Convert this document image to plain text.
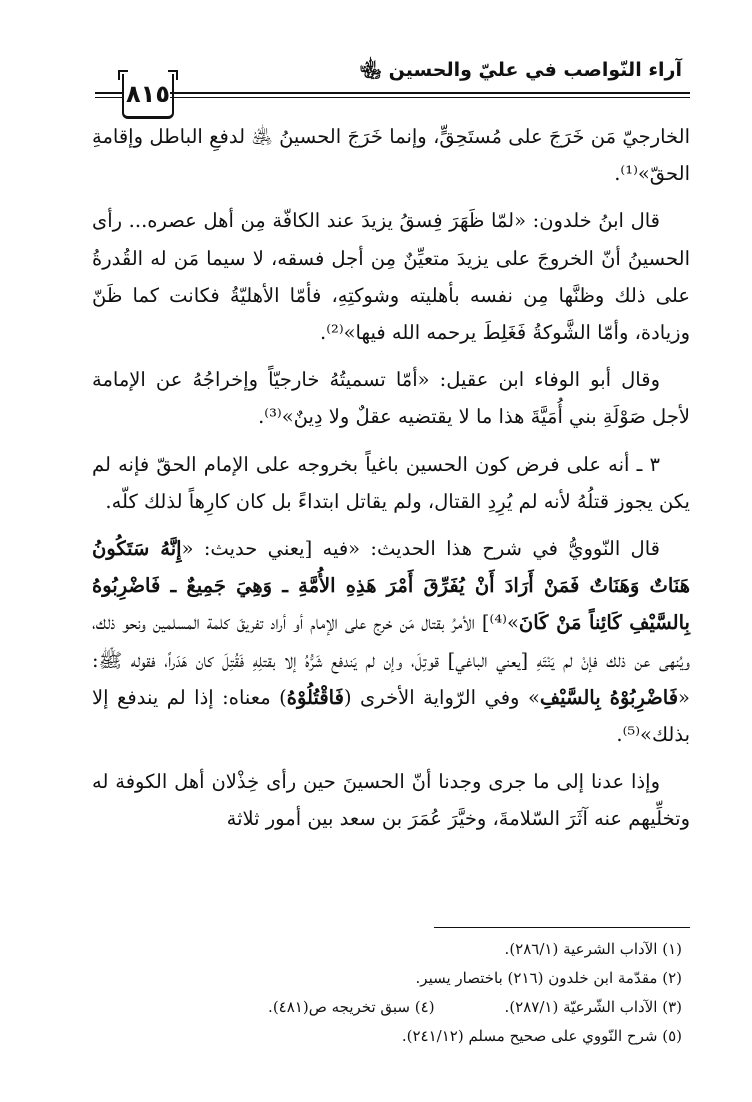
آراء النّواصب في عليّ والحسين ﵄
٨١٥

الخارجيّ مَن خَرَجَ على مُستَحِقٍّ، وإنما خَرَجَ الحسينُ ﵁ لدفعِ الباطل وإقامةِ الحقّ»⁽¹⁾.

قال ابنُ خلدون: «لمّا ظَهَرَ فِسقُ يزيدَ عند الكافّة مِن أهل عصره... رأى الحسينُ أنّ الخروجَ على يزيدَ متعيِّنٌ مِن أجل فسقه، لا سيما مَن له القُدرةُ على ذلك وظنَّها مِن نفسه بأهليته وشوكتِهِ، فأمّا الأهليّةُ فكانت كما ظَنّ وزيادة، وأمّا الشَّوكةُ فَغَلِطَ يرحمه الله فيها»⁽²⁾.

وقال أبو الوفاء ابن عقيل: «أمّا تسميتُهُ خارجيّاً وإخراجُهُ عن الإمامة لأجل صَوْلَةِ بني أُمَيَّةَ هذا ما لا يقتضيه عقلٌ ولا دِينٌ»⁽³⁾.

٣ ـ أنه على فرض كون الحسين باغياً بخروجه على الإمام الحقّ فإنه لم يكن يجوز قتلُهُ لأنه لم يُرِدِ القتال، ولم يقاتل ابتداءً بل كان كارِهاً لذلك كلّه.

قال النّوويُّ في شرح هذا الحديث: «فيه [يعني حديث: «إِنَّهُ سَتَكُونُ هَنَاتٌ وَهَنَاتٌ فَمَنْ أَرَادَ أَنْ يُفَرِّقَ أَمْرَ هَذِهِ الأُمَّةِ ـ وَهِيَ جَمِيعٌ ـ فَاضْرِبُوهُ بِالسَّيْفِ كَائِناً مَنْ كَانَ»⁽⁴⁾] الأمرُ بقتال مَن خرج على الإمام أو أراد تفريقَ كلمة المسلمين ونحو ذلك، ويُنهى عن ذلك فإنْ لم يَنْتَهِ [يعني الباغي] قوتِلَ، وإن لم يَندفع شَرُّهُ إلا بقتلِهِ فَقُتِلَ كان هَدَراً، فقوله ﷺ: «فَاضْرِبُوْهُ بِالسَّيْفِ» وفي الرّواية الأخرى (فَاقْتُلُوْهُ) معناه: إذا لم يندفع إلا بذلك»⁽⁵⁾.

وإذا عدنا إلى ما جرى وجدنا أنّ الحسينَ حين رأى خِذْلان أهل الكوفة له وتخلِّيهم عنه آثَرَ السّلامةَ، وخيَّرَ عُمَرَ بن سعد بين أمور ثلاثة

(١) الآداب الشرعية (٢٨٦/١).
(٢) مقدّمة ابن خلدون (٢١٦) باختصار يسير.
(٣) الآداب الشّرعيّة (٢٨٧/١).(٤) سبق تخريجه ص(٤٨١).
(٥) شرح النّووي على صحيح مسلم (٢٤١/١٢).
